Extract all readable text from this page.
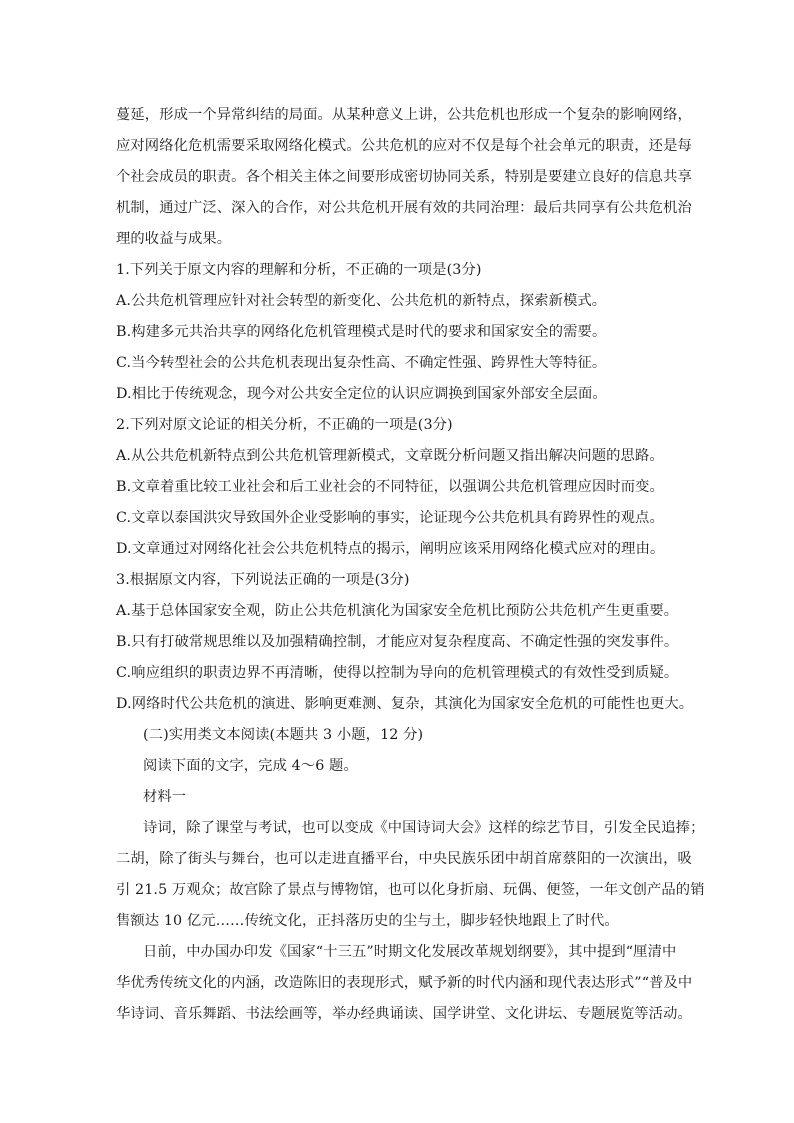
蔓延，形成一个异常纠结的局面。从某种意义上讲，公共危机也形成一个复杂的影响网络，
应对网络化危机需要采取网络化模式。公共危机的应对不仅是每个社会单元的职责，还是每
个社会成员的职责。各个相关主体之间要形成密切协同关系，特别是要建立良好的信息共享
机制，通过广泛、深入的合作，对公共危机开展有效的共同治理：最后共同享有公共危机治
理的收益与成果。
1.下列关于原文内容的理解和分析，不正确的一项是(3分)
A.公共危机管理应针对社会转型的新变化、公共危机的新特点，探索新模式。
B.构建多元共治共享的网络化危机管理模式是时代的要求和国家安全的需要。
C.当今转型社会的公共危机表现出复杂性高、不确定性强、跨界性大等特征。
D.相比于传统观念，现今对公共安全定位的认识应调换到国家外部安全层面。
2.下列对原文论证的相关分析，不正确的一项是(3分)
A.从公共危机新特点到公共危机管理新模式，文章既分析问题又指出解决问题的思路。
B.文章着重比较工业社会和后工业社会的不同特征，以强调公共危机管理应因时而变。
C.文章以泰国洪灾导致国外企业受影响的事实，论证现今公共危机具有跨界性的观点。
D.文章通过对网络化社会公共危机特点的揭示，阐明应该采用网络化模式应对的理由。
3.根据原文内容，下列说法正确的一项是(3分)
A.基于总体国家安全观，防止公共危机演化为国家安全危机比预防公共危机产生更重要。
B.只有打破常规思维以及加强精确控制，才能应对复杂程度高、不确定性强的突发事件。
C.响应组织的职责边界不再清晰，使得以控制为导向的危机管理模式的有效性受到质疑。
D.网络时代公共危机的演进、影响更难测、复杂，其演化为国家安全危机的可能性也更大。
(二)实用类文本阅读(本题共 3 小题，12 分)
阅读下面的文字，完成 4～6 题。
材料一
诗词，除了课堂与考试，也可以变成《中国诗词大会》这样的综艺节目，引发全民追捧；
二胡，除了街头与舞台，也可以走进直播平台，中央民族乐团中胡首席蔡阳的一次演出，吸
引 21.5 万观众；故宫除了景点与博物馆，也可以化身折扇、玩偶、便签，一年文创产品的销
售额达 10 亿元……传统文化，正抖落历史的尘与土，脚步轻快地跟上了时代。
日前，中办国办印发《国家“十三五”时期文化发展改革规划纲要》，其中提到“厘清中
华优秀传统文化的内涵，改造陈旧的表现形式，赋予新的时代内涵和现代表达形式”“普及中
华诗词、音乐舞蹈、书法绘画等，举办经典诵读、国学讲堂、文化讲坛、专题展览等活动。
